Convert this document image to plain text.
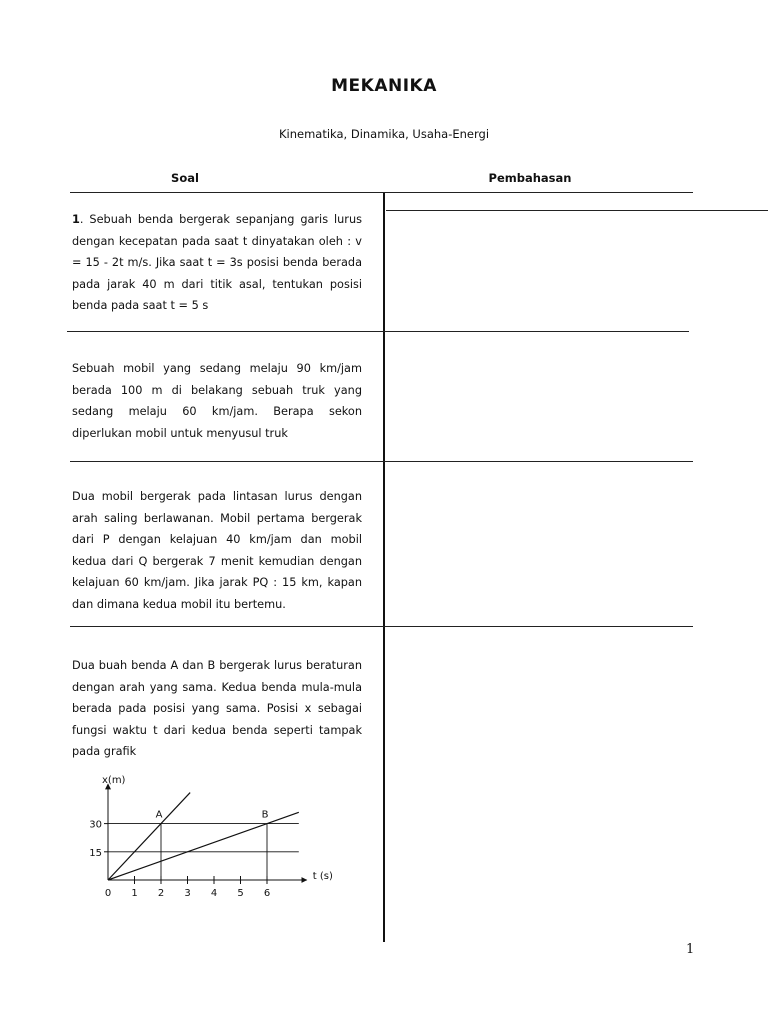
MEKANIKA
Kinematika, Dinamika, Usaha-Energi
Soal	Pembahasan
1. Sebuah benda bergerak sepanjang garis lurus dengan kecepatan pada saat t dinyatakan oleh : v = 15 - 2t m/s. Jika saat t = 3s posisi benda berada pada jarak 40 m dari titik asal, tentukan posisi benda pada saat t = 5 s
Sebuah mobil yang sedang melaju 90 km/jam berada 100 m di belakang sebuah truk yang sedang melaju 60 km/jam. Berapa sekon diperlukan mobil untuk menyusul truk
Dua mobil bergerak pada lintasan lurus dengan arah saling berlawanan. Mobil pertama bergerak dari P dengan kelajuan 40 km/jam dan mobil kedua dari Q bergerak 7 menit kemudian dengan kelajuan 60 km/jam. Jika jarak PQ : 15 km, kapan dan dimana kedua mobil itu bertemu.
Dua buah benda A dan B bergerak lurus beraturan dengan arah yang sama. Kedua benda mula-mula berada pada posisi yang sama. Posisi x sebagai fungsi waktu t dari kedua benda seperti tampak pada grafik
x(m)
t (s)
0 1 2 3 4 5 6
15
30
A	B
1
